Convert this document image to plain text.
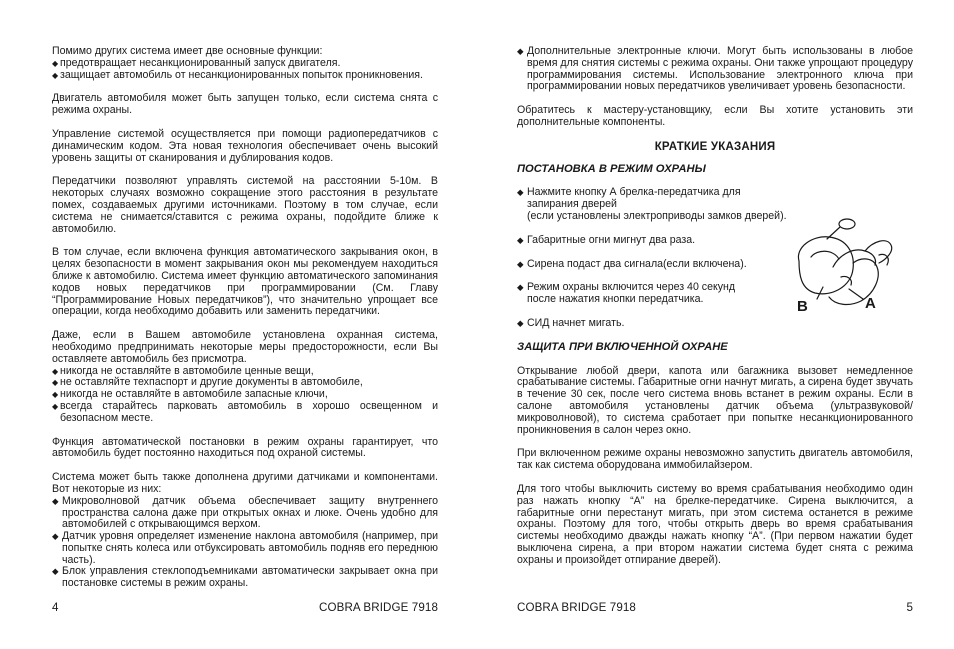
Помимо других система имеет две основные функции:

◆ предотвращает несанкционированный запуск двигателя.
◆ защищает автомобиль от несанкционированных попыток проникновения.

Двигатель автомобиля может быть запущен только, если система снята с режима охраны.

Управление системой осуществляется при помощи радиопередатчиков с динамическим кодом. Эта новая технология обеспечивает очень высокий уровень защиты от сканирования и дублирования кодов.

Передатчики позволяют управлять системой на расстоянии 5-10м. В некоторых случаях возможно сокращение этого расстояния в результате помех, создаваемых другими источниками. Поэтому в том случае, если система не снимается/ставится с режима охраны, подойдите ближе к автомобилю.

В том случае, если включена функция автоматического закрывания окон, в целях безопасности в момент закрывания окон мы рекомендуем находиться ближе к автомобилю. Система имеет функцию автоматического запоминания кодов новых передатчиков при программировании (См. Главу “Программирование Новых передатчиков”), что значительно упрощает все операции, когда необходимо добавить или заменить передатчики.

Даже, если в Вашем автомобиле установлена охранная система, необходимо предпринимать некоторые меры предосторожности, если Вы оставляете автомобиль без присмотра.

◆ никогда не оставляйте в автомобиле ценные вещи,
◆ не оставляйте техпаспорт и другие документы в автомобиле,
◆ никогда не оставляйте в автомобиле запасные ключи,
◆ всегда старайтесь парковать автомобиль в хорошо освещенном и безопасном месте.

Функция автоматической постановки в режим охраны гарантирует, что автомобиль будет постоянно находиться под охраной системы.

Система может быть также дополнена другими датчиками и компонентами. Вот некоторые из них:

◆ Микроволновой датчик объема обеспечивает защиту внутреннего пространства салона даже при открытых окнах и люке. Очень удобно для автомобилей с открывающимся верхом.
◆ Датчик уровня определяет изменение наклона автомобиля (например, при попытке снять колеса или отбуксировать автомобиль подняв его переднюю часть).
◆ Блок управления стеклоподъемниками автоматически закрывает окна при постановке системы в режим охраны.
4	COBRA BRIDGE 7918
◆ Дополнительные электронные ключи. Могут быть использованы в любое время для снятия системы с режима охраны. Они также упрощают процедуру программирования системы. Использование электронного ключа при программировании новых передатчиков увеличивает уровень безопасности.

Обратитесь к мастеру-установщику, если Вы хотите установить эти дополнительные компоненты.

КРАТКИЕ УКАЗАНИЯ
ПОСТАНОВКА В РЕЖИМ ОХРАНЫ
◆ Нажмите кнопку А брелка-передатчика для запирания дверей
(если установлены электроприводы замков дверей).
◆ Габаритные огни мигнут два раза.
◆ Сирена подаст два сигнала(если включена).
◆ Режим охраны включится через 40 секунд
после нажатия кнопки передатчика.
◆ СИД начнет мигать.
B	A
ЗАЩИТА ПРИ ВКЛЮЧЕННОЙ ОХРАНЕ

Открывание любой двери, капота или багажника вызовет немедленное срабатывание системы. Габаритные огни начнут мигать, а сирена будет звучать в течение 30 сек, после чего система вновь встанет в режим охраны. Если в салоне автомобиля установлены датчик объема (ультразвуковой/микроволновой), то система сработает при попытке несанкционированного проникновения в салон через окно.

При включенном режиме охраны невозможно запустить двигатель автомобиля, так как система оборудована иммобилайзером.

Для того чтобы выключить систему во время срабатывания необходимо один раз нажать кнопку “А” на брелке-передатчике. Сирена выключится, а габаритные огни перестанут мигать, при этом система останется в режиме охраны. Поэтому для того, чтобы открыть дверь во время срабатывания системы необходимо дважды нажать кнопку “А”. (При первом нажатии будет выключена сирена, а при втором нажатии система будет снята с режима охраны и произойдет отпирание дверей).

COBRA BRIDGE 7918	5
